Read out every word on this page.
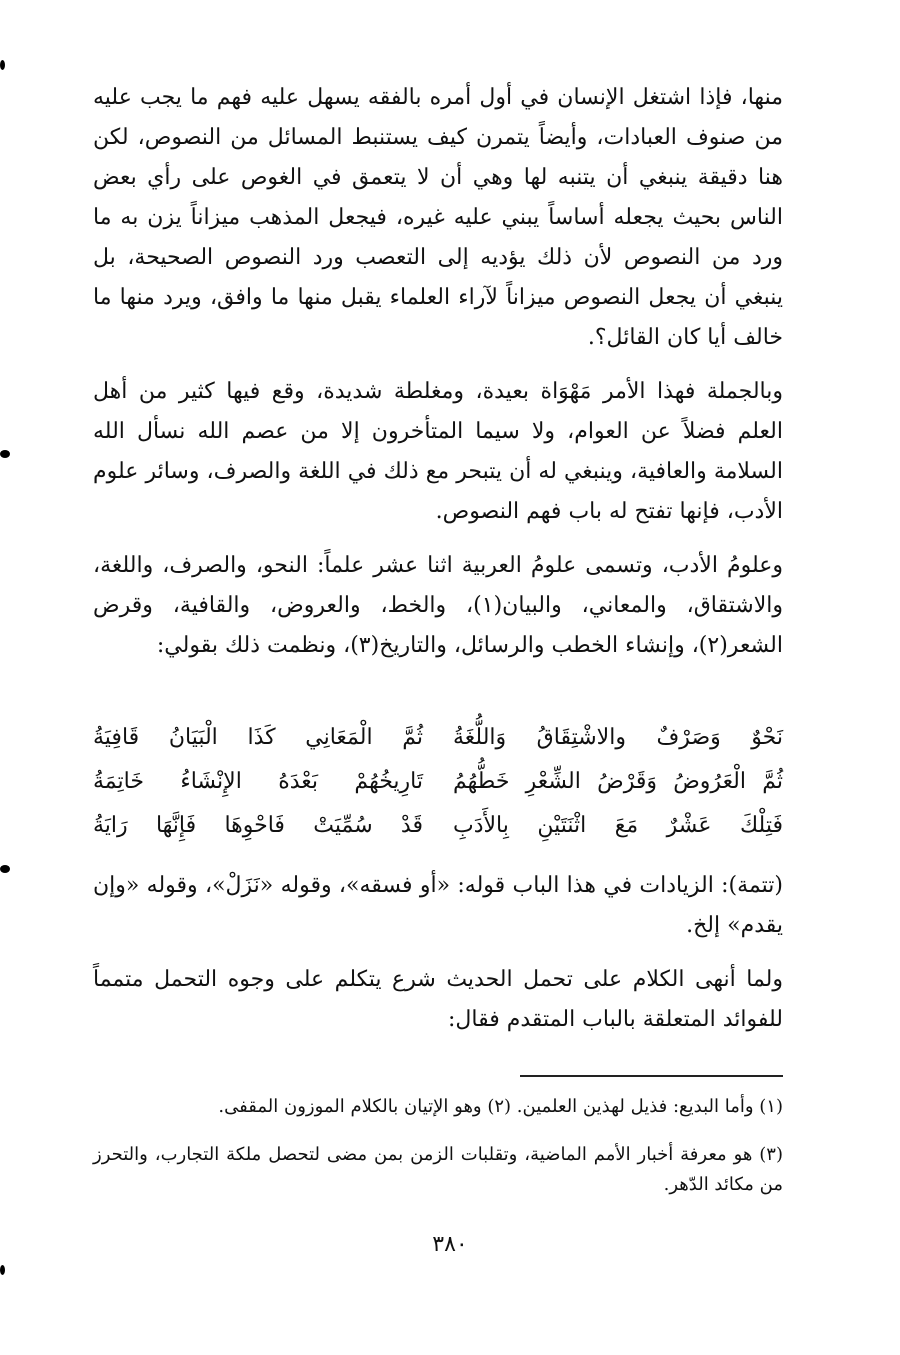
منها، فإذا اشتغل الإنسان في أول أمره بالفقه يسهل عليه فهم ما يجب عليه من صنوف العبادات، وأيضاً يتمرن كيف يستنبط المسائل من النصوص، لكن هنا دقيقة ينبغي أن يتنبه لها وهي أن لا يتعمق في الغوص على رأي بعض الناس بحيث يجعله أساساً يبني عليه غيره، فيجعل المذهب ميزاناً يزن به ما ورد من النصوص لأن ذلك يؤديه إلى التعصب ورد النصوص الصحيحة، بل ينبغي أن يجعل النصوص ميزاناً لآراء العلماء يقبل منها ما وافق، ويرد منها ما خالف أيا كان القائل؟.

وبالجملة فهذا الأمر مَهْوَاة بعيدة، ومغلطة شديدة، وقع فيها كثير من أهل العلم فضلاً عن العوام، ولا سيما المتأخرون إلا من عصم الله نسأل الله السلامة والعافية، وينبغي له أن يتبحر مع ذلك في اللغة والصرف، وسائر علوم الأدب، فإنها تفتح له باب فهم النصوص.

وعلومُ الأدب، وتسمى علومُ العربية اثنا عشر علماً: النحو، والصرف، واللغة، والاشتقاق، والمعاني، والبيان(١)، والخط، والعروض، والقافية، وقرض الشعر(٢)، وإنشاء الخطب والرسائل، والتاريخ(٣)، ونظمت ذلك بقولي:

نَحْوٌ وَصَرْفٌ والاشْتِقَاقُ وَاللُّغَةُ
ثُمَّ الْمَعَانِي كَذَا الْبَيَانُ قَافِيَةُ
ثُمَّ الْعَرُوضُ وَقَرْضُ الشِّعْرِ خَطُّهُمُ
تَارِيخُهُمْ بَعْدَهُ الإِنْشَاءُ خَاتِمَةُ
فَتِلْكَ عَشْرٌ مَعَ اثْنَتَيْنِ بِالأَدَبِ
قَدْ سُمِّيَتْ فَاحْوِهَا فَإِنَّهَا رَايَةُ

(تتمة): الزيادات في هذا الباب قوله: «أو فسقه»، وقوله «نَزَلْ»، وقوله «وإن يقدم» إلخ.

ولما أنهى الكلام على تحمل الحديث شرع يتكلم على وجوه التحمل متمماً للفوائد المتعلقة بالباب المتقدم فقال:

(١) وأما البديع: فذيل لهذين العلمين. (٢) وهو الإتيان بالكلام الموزون المقفى.
(٣) هو معرفة أخبار الأمم الماضية، وتقلبات الزمن بمن مضى لتحصل ملكة التجارب، والتحرز من مكائد الدّهر.
٣٨٠
